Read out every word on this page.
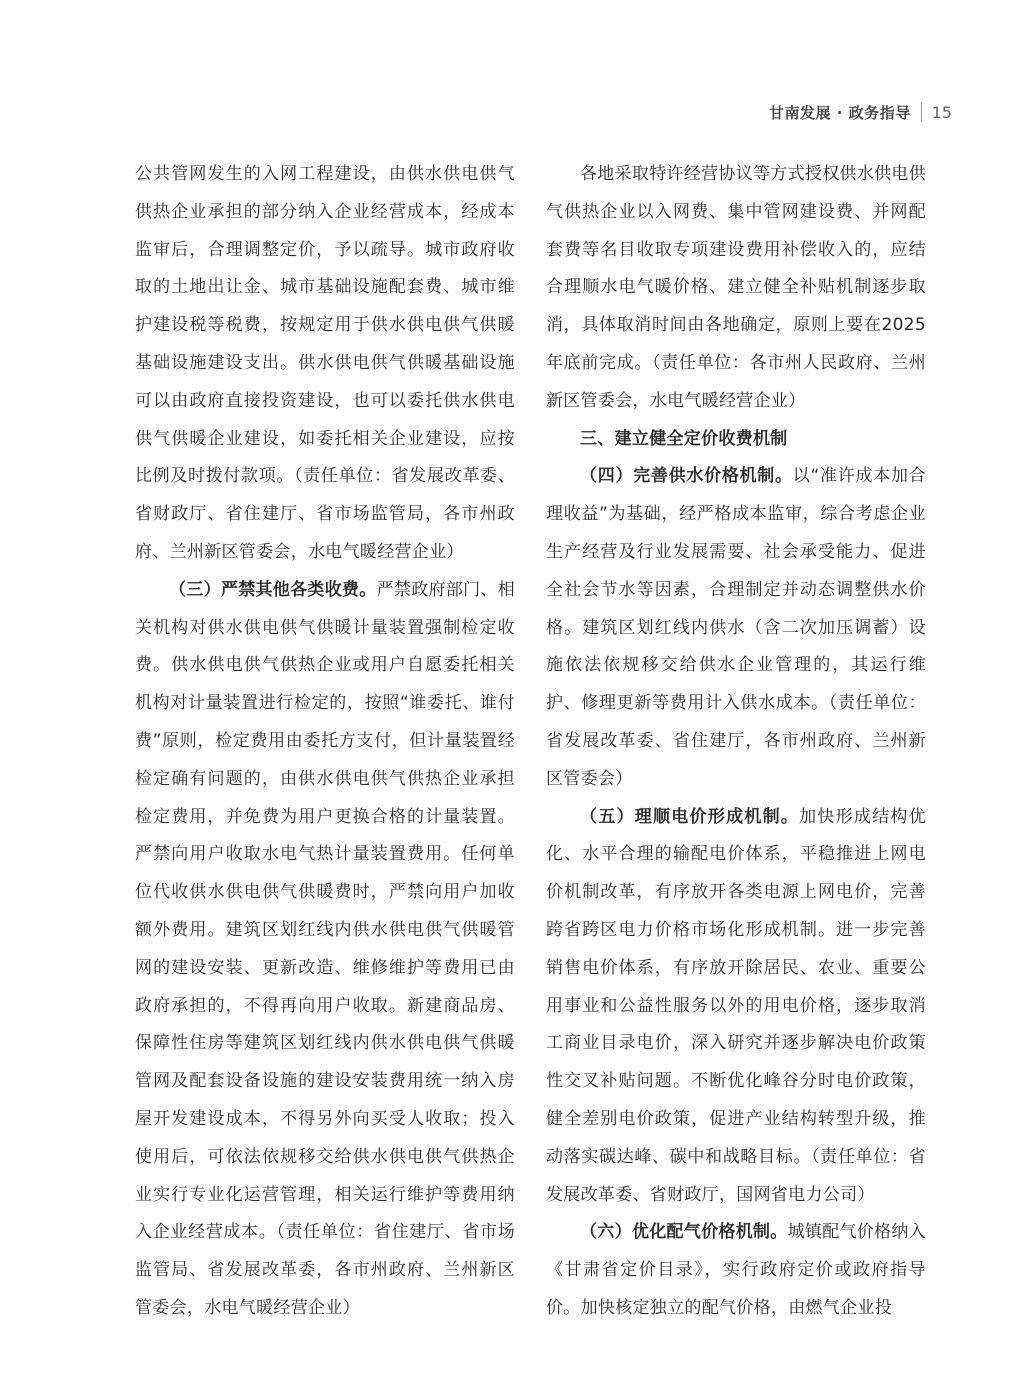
甘南发展 · 政务指导 15

公共管网发生的入网工程建设，由供水供电供气供热企业承担的部分纳入企业经营成本，经成本监审后，合理调整定价，予以疏导。城市政府收取的土地出让金、城市基础设施配套费、城市维护建设税等税费，按规定用于供水供电供气供暖基础设施建设支出。供水供电供气供暖基础设施可以由政府直接投资建设，也可以委托供水供电供气供暖企业建设，如委托相关企业建设，应按比例及时拨付款项。（责任单位：省发展改革委、省财政厅、省住建厅、省市场监管局，各市州政府、兰州新区管委会，水电气暖经营企业）

（三）严禁其他各类收费。严禁政府部门、相关机构对供水供电供气供暖计量装置强制检定收费。供水供电供气供热企业或用户自愿委托相关机构对计量装置进行检定的，按照“谁委托、谁付费”原则，检定费用由委托方支付，但计量装置经检定确有问题的，由供水供电供气供热企业承担检定费用，并免费为用户更换合格的计量装置。严禁向用户收取水电气热计量装置费用。任何单位代收供水供电供气供暖费时，严禁向用户加收额外费用。建筑区划红线内供水供电供气供暖管网的建设安装、更新改造、维修维护等费用已由政府承担的，不得再向用户收取。新建商品房、保障性住房等建筑区划红线内供水供电供气供暖管网及配套设备设施的建设安装费用统一纳入房屋开发建设成本，不得另外向买受人收取；投入使用后，可依法依规移交给供水供电供气供热企业实行专业化运营管理，相关运行维护等费用纳入企业经营成本。（责任单位：省住建厅、省市场监管局、省发展改革委，各市州政府、兰州新区管委会，水电气暖经营企业）

各地采取特许经营协议等方式授权供水供电供气供热企业以入网费、集中管网建设费、并网配套费等名目收取专项建设费用补偿收入的，应结合理顺水电气暖价格、建立健全补贴机制逐步取消，具体取消时间由各地确定，原则上要在2025年底前完成。（责任单位：各市州人民政府、兰州新区管委会，水电气暖经营企业）

三、建立健全定价收费机制

（四）完善供水价格机制。以“准许成本加合理收益”为基础，经严格成本监审，综合考虑企业生产经营及行业发展需要、社会承受能力、促进全社会节水等因素，合理制定并动态调整供水价格。建筑区划红线内供水（含二次加压调蓄）设施依法依规移交给供水企业管理的，其运行维护、修理更新等费用计入供水成本。（责任单位：省发展改革委、省住建厅，各市州政府、兰州新区管委会）

（五）理顺电价形成机制。加快形成结构优化、水平合理的输配电价体系，平稳推进上网电价机制改革，有序放开各类电源上网电价，完善跨省跨区电力价格市场化形成机制。进一步完善销售电价体系，有序放开除居民、农业、重要公用事业和公益性服务以外的用电价格，逐步取消工商业目录电价，深入研究并逐步解决电价政策性交叉补贴问题。不断优化峰谷分时电价政策，健全差别电价政策，促进产业结构转型升级，推动落实碳达峰、碳中和战略目标。（责任单位：省发展改革委、省财政厅，国网省电力公司）

（六）优化配气价格机制。城镇配气价格纳入《甘肃省定价目录》，实行政府定价或政府指导价。加快核定独立的配气价格，由燃气企业投
